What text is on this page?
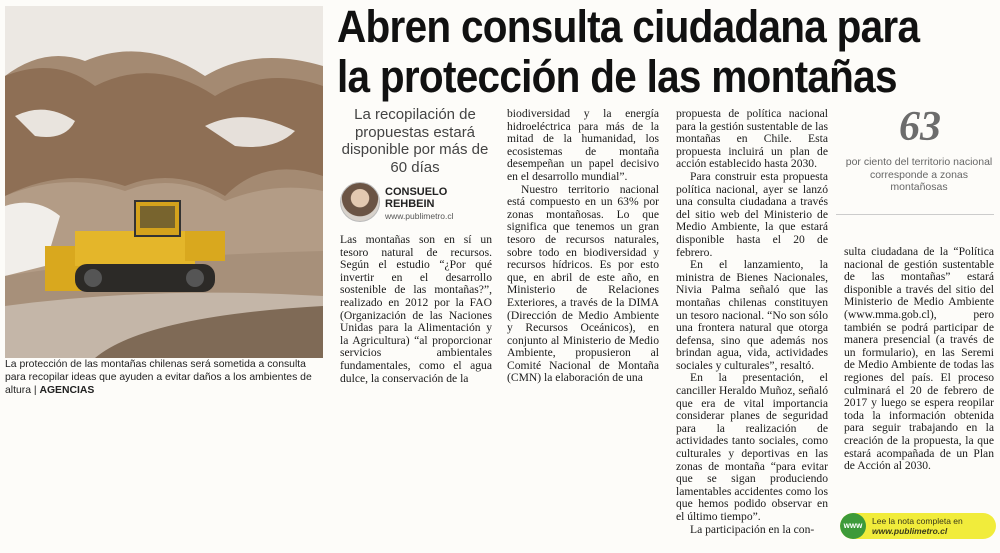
La protección de las montañas chilenas será sometida a consulta para recopilar ideas que ayuden a evitar daños a los ambientes de altura | AGENCIAS
Abren consulta ciudadana para
la protección de las montañas
La recopilación de propuestas estará disponible por más de 60 días
CONSUELO
REHBEIN
www.publimetro.cl

Las montañas son en sí un tesoro natural de recursos. Según el estudio “¿Por qué invertir en el desarrollo sostenible de las montañas?”, realizado en 2012 por la FAO (Organización de las Naciones Unidas para la Alimentación y la Agricultura) “al proporcionar servicios ambientales fundamentales, como el agua dulce, la conservación de la

biodiversidad y la energía hidroeléctrica para más de la mitad de la humanidad, los ecosistemas de montaña desempeñan un papel decisivo en el desarrollo mundial”.

Nuestro territorio nacional está compuesto en un 63% por zonas montañosas. Lo que significa que tenemos un gran tesoro de recursos naturales, sobre todo en biodiversidad y recursos hídricos. Es por esto que, en abril de este año, en Ministerio de Relaciones Exteriores, a través de la DIMA (Dirección de Medio Ambiente y Recursos Oceánicos), en conjunto al Ministerio de Medio Ambiente, propusieron al Comité Nacional de Montaña (CMN) la elaboración de una

propuesta de política nacional para la gestión sustentable de las montañas en Chile. Esta propuesta incluirá un plan de acción establecido hasta 2030.

Para construir esta propuesta política nacional, ayer se lanzó una consulta ciudadana a través del sitio web del Ministerio de Medio Ambiente, la que estará disponible hasta el 20 de febrero.

En el lanzamiento, la ministra de Bienes Nacionales, Nivia Palma señaló que las montañas chilenas constituyen un tesoro nacional. “No son sólo una frontera natural que otorga defensa, sino que además nos brindan agua, vida, actividades sociales y culturales”, resaltó.

En la presentación, el canciller Heraldo Muñoz, señaló que era de vital importancia considerar planes de seguridad para la realización de actividades tanto sociales, como culturales y deportivas en las zonas de montaña “para evitar que se sigan produciendo lamentables accidentes como los que hemos podido observar en el último tiempo”.

La participación en la con-

63
por ciento del territorio nacional corresponde a zonas montañosas

sulta ciudadana de la “Política nacional de gestión sustentable de las montañas” estará disponible a través del sitio del Ministerio de Medio Ambiente (www.mma.gob.cl), pero también se podrá participar de manera presencial (a través de un formulario), en las Seremi de Medio Ambiente de todas las regiones del país. El proceso culminará el 20 de febrero de 2017 y luego se espera reopilar toda la información obtenida para seguir trabajando en la creación de la propuesta, la que estará acompañada de un Plan de Acción al 2030.

www	Lee la nota completa en
www.publimetro.cl
